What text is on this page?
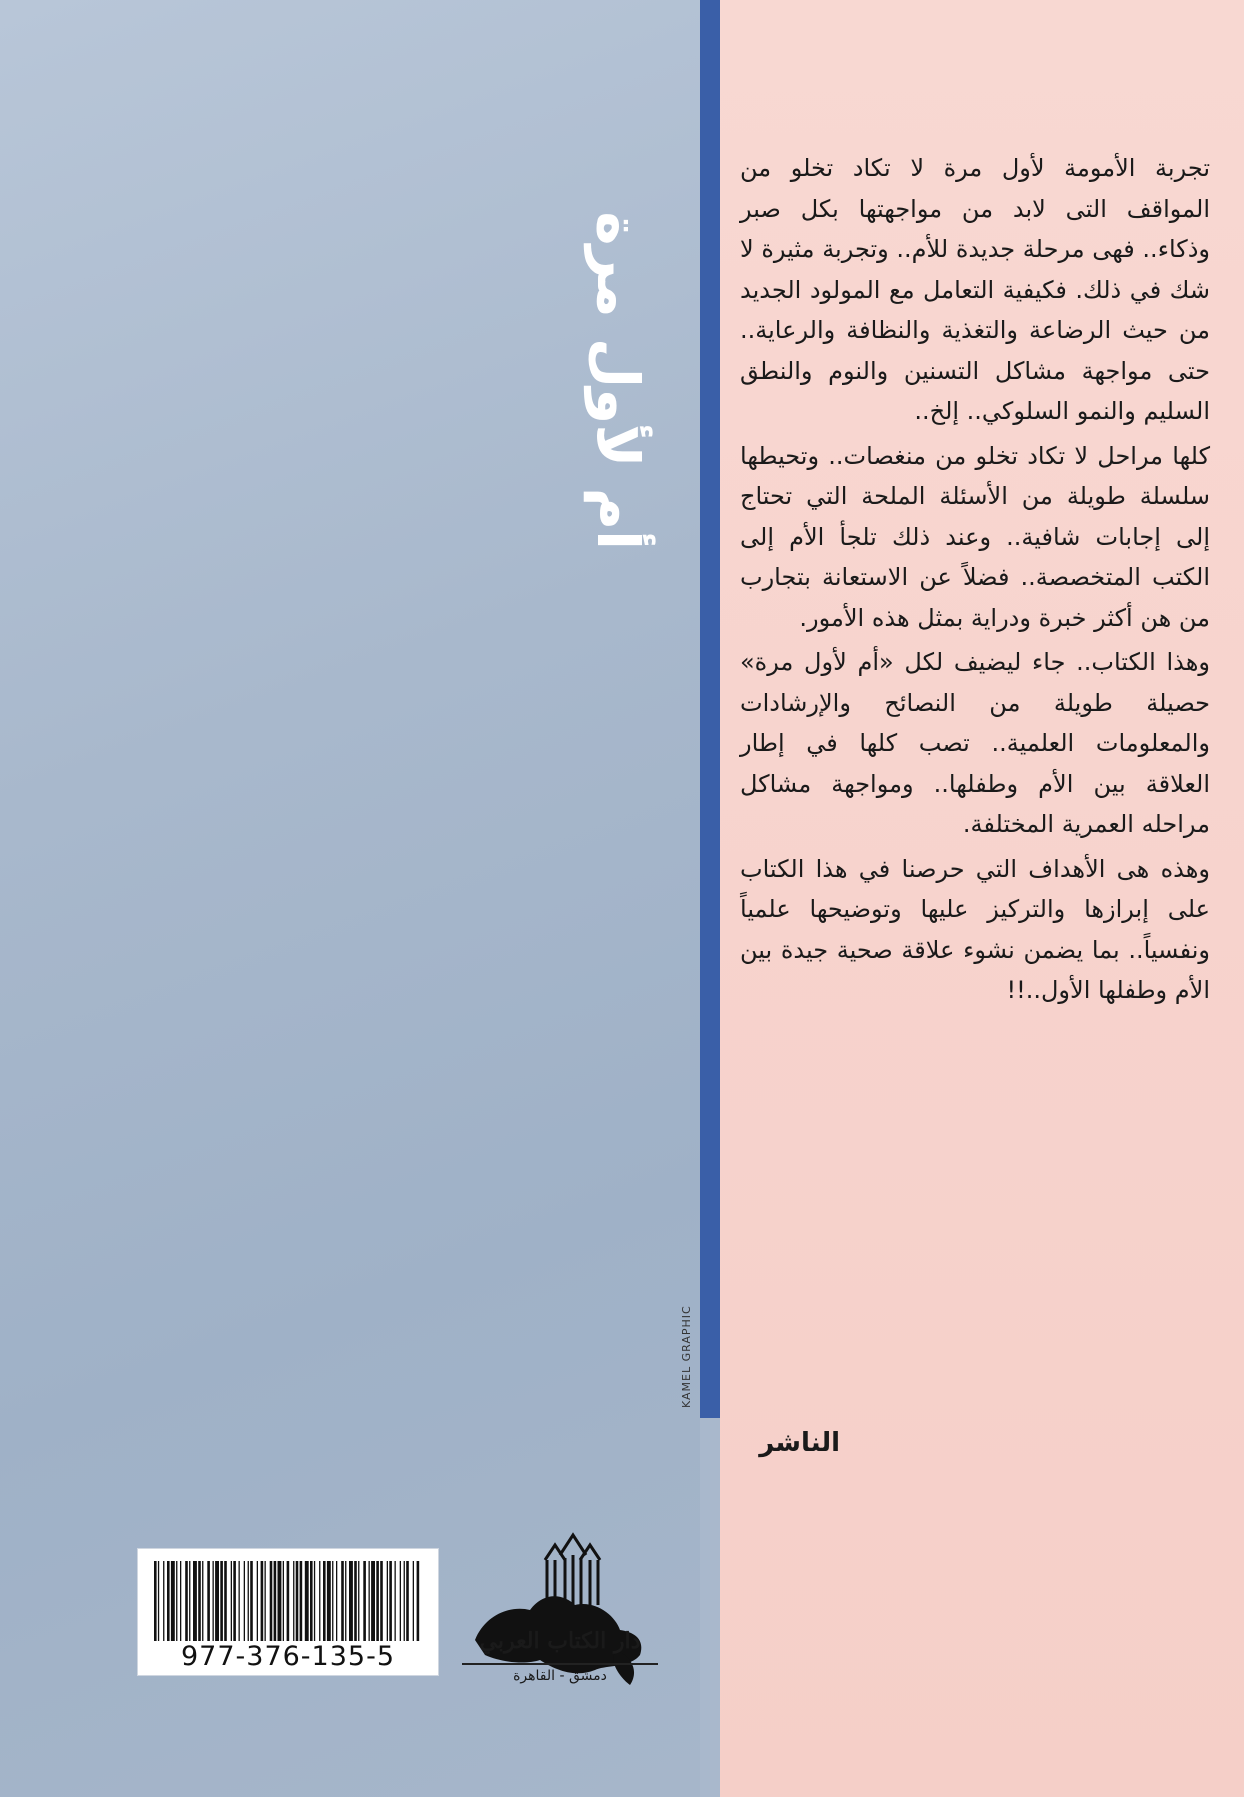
أم لأول مرة
KAMEL GRAPHIC

تجربة الأمومة لأول مرة لا تكاد تخلو من المواقف التى لابد من مواجهتها بكل صبر وذكاء.. فهى مرحلة جديدة للأم.. وتجربة مثيرة لا شك في ذلك. فكيفية التعامل مع المولود الجديد من حيث الرضاعة والتغذية والنظافة والرعاية.. حتى مواجهة مشاكل التسنين والنوم والنطق السليم والنمو السلوكي.. إلخ..

كلها مراحل لا تكاد تخلو من منغصات.. وتحيطها سلسلة طويلة من الأسئلة الملحة التي تحتاج إلى إجابات شافية.. وعند ذلك تلجأ الأم إلى الكتب المتخصصة.. فضلاً عن الاستعانة بتجارب من هن أكثر خبرة ودراية بمثل هذه الأمور.

وهذا الكتاب.. جاء ليضيف لكل «أم لأول مرة» حصيلة طويلة من النصائح والإرشادات والمعلومات العلمية.. تصب كلها في إطار العلاقة بين الأم وطفلها.. ومواجهة مشاكل مراحله العمرية المختلفة.

وهذه هى الأهداف التي حرصنا في هذا الكتاب على إبرازها والتركيز عليها وتوضيحها علمياً ونفسياً.. بما يضمن نشوء علاقة صحية جيدة بين الأم وطفلها الأول..!!

الناشر
977-376-135-5	دار الكتاب العربي
دمشق - القاهرة
